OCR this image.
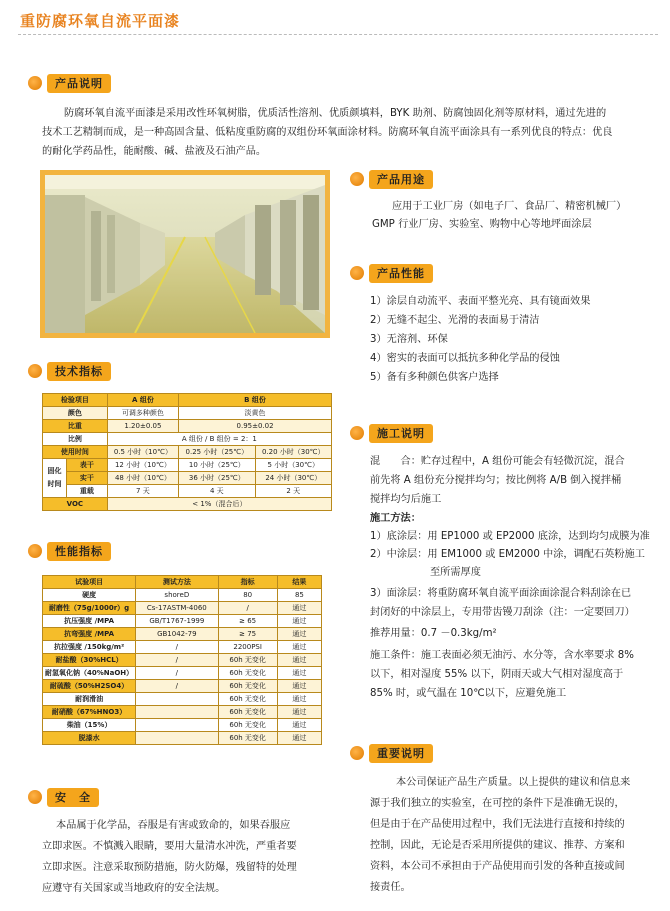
重防腐环氧自流平面漆
产品说明
防腐环氧自流平面漆是采用改性环氧树脂，优质活性溶剂、优质颜填料，BYK 助剂、防腐蚀固化剂等原材料，通过先进的
技术工艺精制而成，是一种高固含量、低粘度重防腐的双组份环氧面涂材料。防腐环氧自流平面涂具有一系列优良的特点：优良
的耐化学药品性，能耐酸、碱、盐液及石油产品。
产品用途
应用于工业厂房（如电子厂、食品厂、精密机械厂）
GMP 行业厂房、实验室、购物中心等地坪面涂层
产品性能
1）涂层自动流平、表面平整光亮、具有镜面效果
2）无缝不起尘、光滑的表面易于清洁
3）无溶剂、环保
4）密实的表面可以抵抗多种化学品的侵蚀
5）备有多种颜色供客户选择
技术指标
检验项目		A 组份	B 组份	
颜色		可调多种颜色	淡黄色	
比重		1.20±0.05	0.95±0.02	
比例		A 组份 / B 组份 = 2：1		
使用时间		0.5 小时（10℃）	0.25 小时（25℃）	0.20 小时（30℃）
固化时间	表干	12 小时（10℃）	10 小时（25℃）	5 小时（30℃）
	实干	48 小时（10℃）	36 小时（25℃）	24 小时（30℃）
	重载	7 天	4 天	2 天
VOC		< 1%（混合后）		
性能指标
试验项目	测试方法	指标	结果
硬度	shoreD	80	85
耐磨性（75g/1000r）g	Cs-17ASTM-4060	/	通过
抗压强度 /MPA	GB/T1767-1999	≥ 65	通过
抗弯强度 /MPA	GB1042-79	≥ 75	通过
抗拉强度 /150kg/m²	/	2200PSI	通过
耐盐酸（30%HCL）	/	60h 无变化	通过
耐氢氧化钠（40%NaOH）	/	60h 无变化	通过
耐硫酸（50%H2SO4）	/	60h 无变化	通过
耐润滑油		60h 无变化	通过
耐硝酸（67%HNO3）		60h 无变化	通过
柴油（15%）		60h 无变化	通过
脱漆水		60h 无变化	通过
施工说明
混　　合：贮存过程中，A 组份可能会有轻微沉淀，混合
前先将 A 组份充分搅拌均匀；按比例将 A/B 倒入搅拌桶
搅拌均匀后施工
施工方法：
1）底涂层：用 EP1000 或 EP2000 底涂，达到均匀成膜为准
2）中涂层：用 EM1000 或 EM2000 中涂，调配石英粉施工
至所需厚度
3）面涂层：将重防腐环氧自流平面涂面涂混合料刮涂在已
封闭好的中涂层上，专用带齿镘刀刮涂（注：一定要回刀）
推荐用量：0.7 －0.3kg/m²
施工条件：施工表面必须无油污、水分等，含水率要求 8%
以下，相对湿度 55% 以下，阴雨天或大气相对湿度高于
85% 时，或气温在 10℃以下，应避免施工
安　全
本品属于化学品，吞服是有害或致命的，如果吞服应
立即求医。不慎溅入眼睛，要用大量清水冲洗，严重者要
立即求医。注意采取预防措施，防火防爆，残留特的处理
应遵守有关国家或当地政府的安全法规。
重要说明
本公司保证产品生产质量。以上提供的建议和信息来
源于我们独立的实验室，在可控的条件下是准确无误的，
但是由于在产品使用过程中，我们无法进行直接和持续的
控制，因此，无论是否采用所提供的建议、推荐、方案和
资料，本公司不承担由于产品使用而引发的各种直接或间
接责任。
